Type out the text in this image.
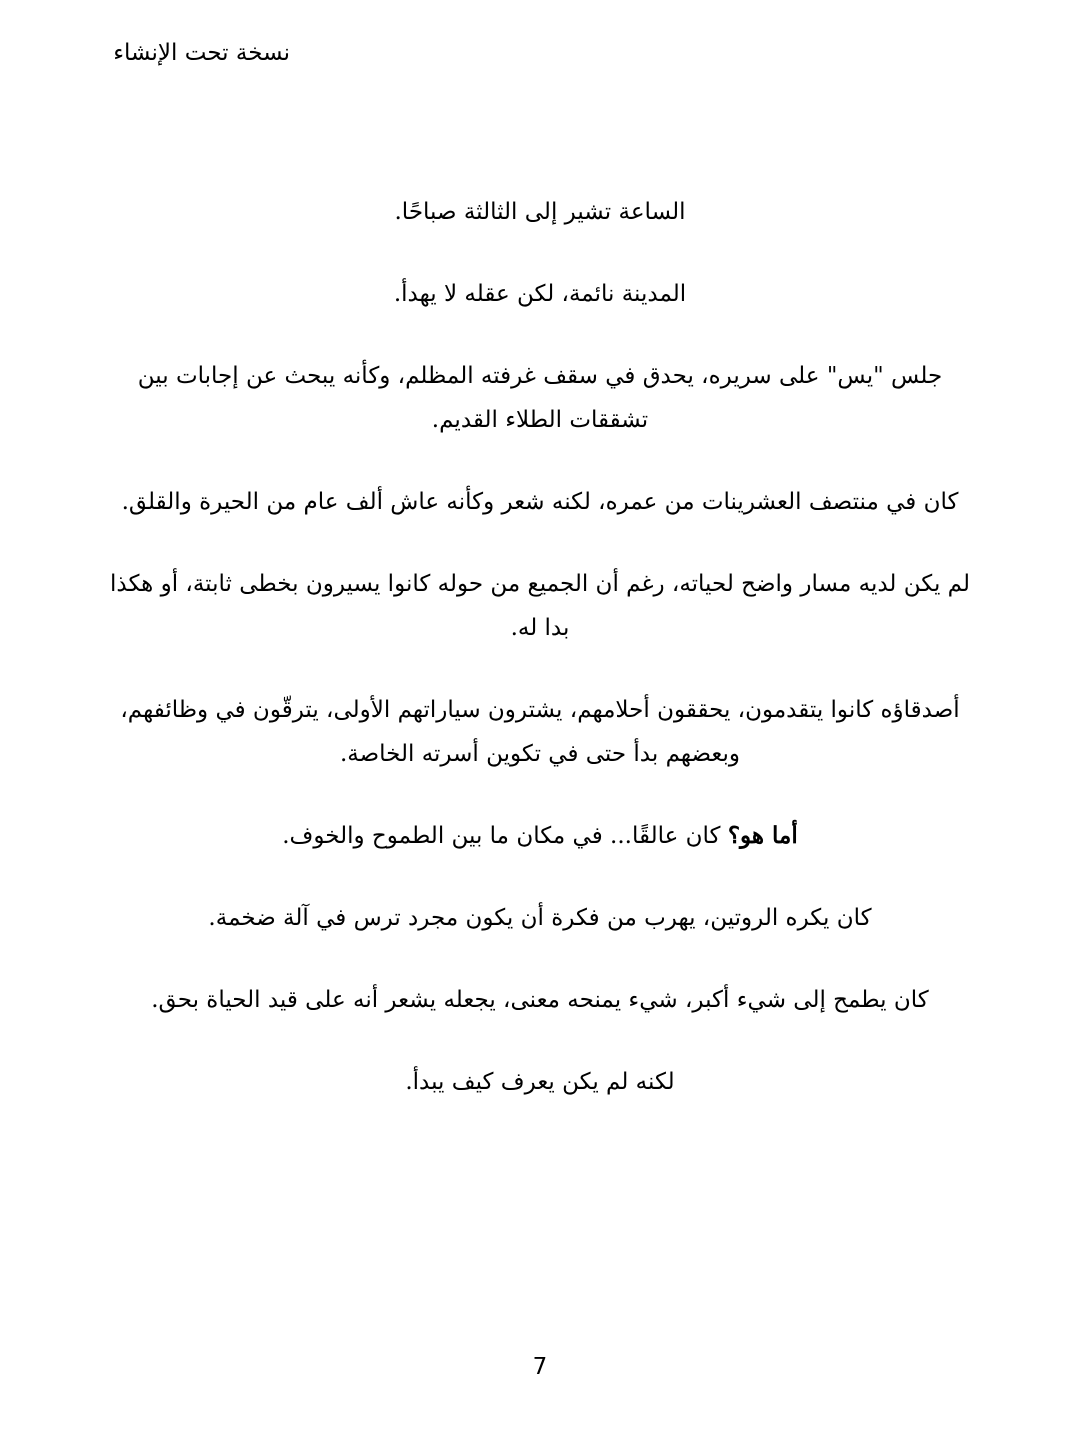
نسخة تحت الإنشاء

الساعة تشير إلى الثالثة صباحًا.

المدينة نائمة، لكن عقله لا يهدأ.

جلس "يس" على سريره، يحدق في سقف غرفته المظلم، وكأنه يبحث عن إجابات بين تشققات الطلاء القديم.

كان في منتصف العشرينات من عمره، لكنه شعر وكأنه عاش ألف عام من الحيرة والقلق.

لم يكن لديه مسار واضح لحياته، رغم أن الجميع من حوله كانوا يسيرون بخطى ثابتة، أو هكذا بدا له.

أصدقاؤه كانوا يتقدمون، يحققون أحلامهم، يشترون سياراتهم الأولى، يترقّون في وظائفهم، وبعضهم بدأ حتى في تكوين أسرته الخاصة.

أما هو؟ كان عالقًا... في مكان ما بين الطموح والخوف.

كان يكره الروتين، يهرب من فكرة أن يكون مجرد ترس في آلة ضخمة.

كان يطمح إلى شيء أكبر، شيء يمنحه معنى، يجعله يشعر أنه على قيد الحياة بحق.

لكنه لم يكن يعرف كيف يبدأ.

7
